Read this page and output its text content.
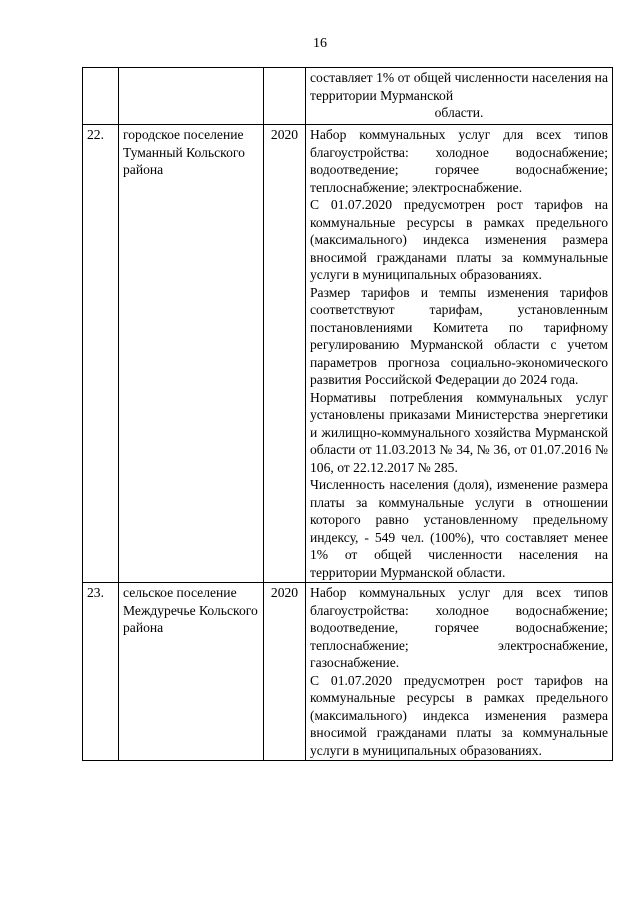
16

			составляет 1% от общей численности населения на территории Мурманской
области.

22.	городское поселение Туманный Кольского района	2020	Набор коммунальных услуг для всех типов благоустройства: холодное водоснабжение; водоотведение; горячее водоснабжение; теплоснабжение; электроснабжение.
С 01.07.2020 предусмотрен рост тарифов на коммунальные ресурсы в рамках предельного (максимального) индекса изменения размера вносимой гражданами платы за коммунальные услуги в муниципальных образованиях.
Размер тарифов и темпы изменения тарифов соответствуют тарифам, установленным постановлениями Комитета по тарифному регулированию Мурманской области с учетом параметров прогноза социально-экономического развития Российской Федерации до 2024 года.
Нормативы потребления коммунальных услуг установлены приказами Министерства энергетики и жилищно-коммунального хозяйства Мурманской области от 11.03.2013 № 34, № 36, от 01.07.2016 № 106, от 22.12.2017 № 285.
Численность населения (доля), изменение размера платы за коммунальные услуги в отношении которого равно установленному предельному индексу, - 549 чел. (100%), что составляет менее 1% от общей численности населения на территории Мурманской области.

23.	сельское поселение Междуречье Кольского района	2020	Набор коммунальных услуг для всех типов благоустройства: холодное водоснабжение; водоотведение, горячее водоснабжение; теплоснабжение; электроснабжение, газоснабжение.
С 01.07.2020 предусмотрен рост тарифов на коммунальные ресурсы в рамках предельного (максимального) индекса изменения размера вносимой гражданами платы за коммунальные услуги в муниципальных образованиях.
